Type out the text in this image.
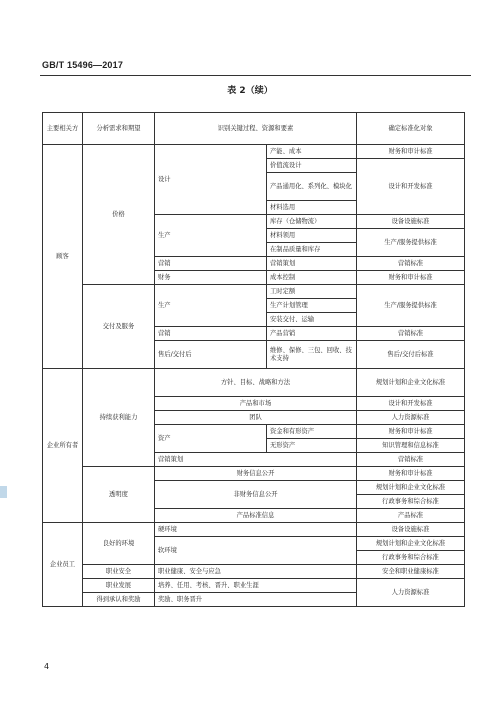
GB/T 15496—2017
表 2（续）
主要相关方	分析需求和期望	识别关键过程、资源和要素		确定标准化对象
顾客	价格	设计	产能、成本	财务和审计标准
			价值流设计	设计和开发标准
			产品通用化、系列化、模块化	
			材料选用	
		生产	库存（仓储物流）	设备设施标准
			材料领用	生产/服务提供标准
			在制品质量和库存	
		营销	营销策划	营销标准
		财务	成本控制	财务和审计标准
	交付及服务	生产	工时定额	生产/服务提供标准
			生产计划管理	
			安装交付、运输	
		营销	产品营销	营销标准
		售后/交付后	维修、保修、三包、回收、技术支持	售后/交付后标准
企业所有者	持续获利能力	方针、目标、战略和方法		规划计划和企业文化标准
		产品和市场		设计和开发标准
		团队		人力资源标准
		资产	资金和有形资产	财务和审计标准
			无形资产	知识管理和信息标准
		营销策划		营销标准
	透明度	财务信息公开		财务和审计标准
		非财务信息公开		规划计划和企业文化标准
				行政事务和综合标准
		产品标准信息		产品标准
企业员工	良好的环境	硬环境		设备设施标准
		软环境		规划计划和企业文化标准
				行政事务和综合标准
	职业安全	职业健康、安全与应急		安全和职业健康标准
	职业发展	培养、任用、考核、晋升、职业生涯		人力资源标准
	得到承认和奖励	奖励、职务晋升		
4
